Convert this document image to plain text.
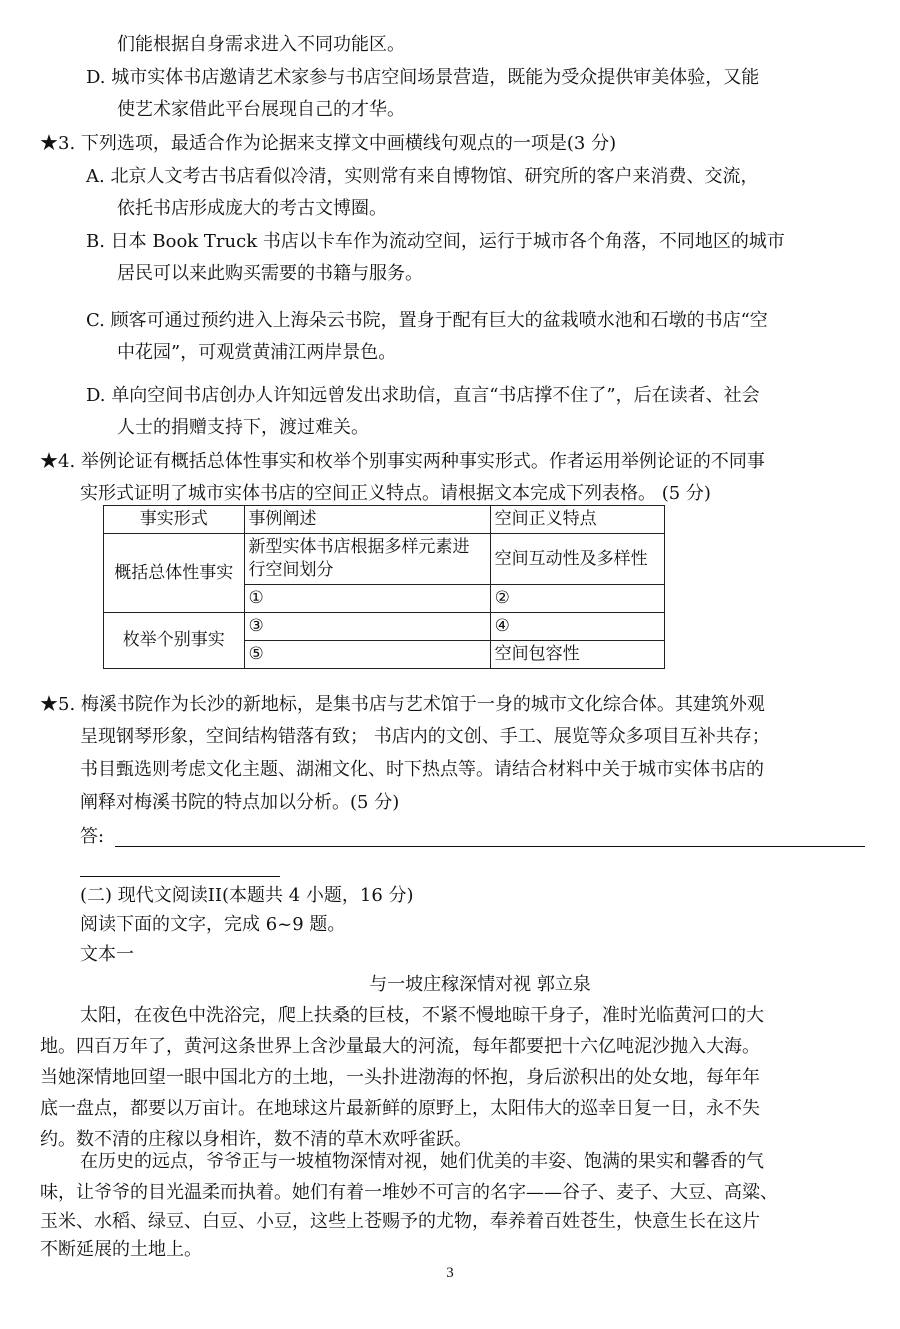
们能根据自身需求进入不同功能区。
D. 城市实体书店邀请艺术家参与书店空间场景营造，既能为受众提供审美体验，又能
使艺术家借此平台展现自己的才华。
★3. 下列选项，最适合作为论据来支撑文中画横线句观点的一项是(3 分)
A. 北京人文考古书店看似冷清，实则常有来自博物馆、研究所的客户来消费、交流，
依托书店形成庞大的考古文博圈。
B. 日本 Book Truck 书店以卡车作为流动空间，运行于城市各个角落，不同地区的城市
居民可以来此购买需要的书籍与服务。
C. 顾客可通过预约进入上海朵云书院，置身于配有巨大的盆栽喷水池和石墩的书店“空
中花园”，可观赏黄浦江两岸景色。
D. 单向空间书店创办人许知远曾发出求助信，直言“书店撑不住了”，后在读者、社会
人士的捐赠支持下，渡过难关。
★4. 举例论证有概括总体性事实和枚举个别事实两种事实形式。作者运用举例论证的不同事
实形式证明了城市实体书店的空间正义特点。请根据文本完成下列表格。 (5 分)
事实形式	事例阐述	空间正义特点
概括总体性事实	新型实体书店根据多样元素进行空间划分	空间互动性及多样性
	①	②
枚举个别事实	③	④
	⑤	空间包容性
★5. 梅溪书院作为长沙的新地标，是集书店与艺术馆于一身的城市文化综合体。其建筑外观
呈现钢琴形象，空间结构错落有致； 书店内的文创、手工、展览等众多项目互补共存；
书目甄选则考虑文化主题、湖湘文化、时下热点等。请结合材料中关于城市实体书店的
阐释对梅溪书院的特点加以分析。(5 分)
答:
(二) 现代文阅读II(本题共 4 小题，16 分)
阅读下面的文字，完成 6~9 题。
文本一
与一坡庄稼深情对视 郭立泉
太阳，在夜色中洗浴完，爬上扶桑的巨枝，不紧不慢地晾干身子，准时光临黄河口的大
地。四百万年了，黄河这条世界上含沙量最大的河流，每年都要把十六亿吨泥沙抛入大海。
当她深情地回望一眼中国北方的土地，一头扑进渤海的怀抱，身后淤积出的处女地，每年年
底一盘点，都要以万亩计。在地球这片最新鲜的原野上，太阳伟大的巡幸日复一日，永不失
约。数不清的庄稼以身相许，数不清的草木欢呼雀跃。
在历史的远点，爷爷正与一坡植物深情对视，她们优美的丰姿、饱满的果实和馨香的气
味，让爷爷的目光温柔而执着。她们有着一堆妙不可言的名字——谷子、麦子、大豆、高粱、
玉米、水稻、绿豆、白豆、小豆，这些上苍赐予的尤物，奉养着百姓苍生，快意生长在这片
不断延展的土地上。
3
